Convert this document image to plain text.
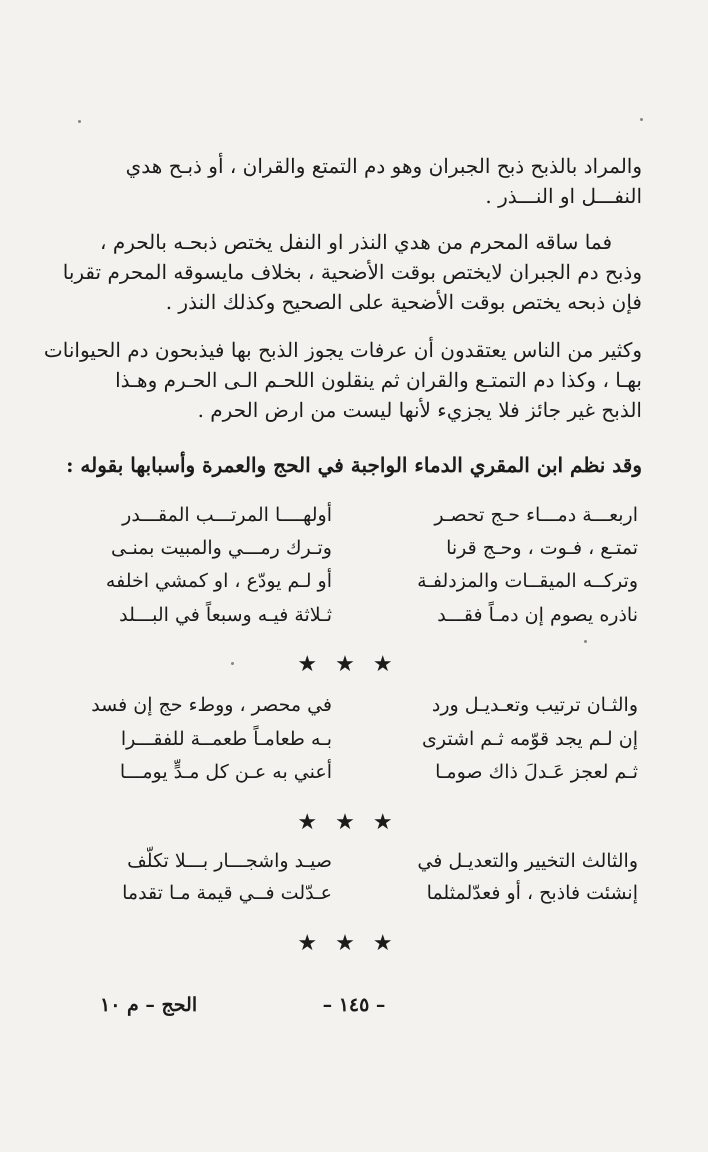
والمراد بالذبح ذبح الجبران وهو دم التمتع والقران ، أو ذبـح هدي
النفـــل او النـــذر .
فما ساقه المحرم من هدي النذر او النفل يختص ذبحـه بالحرم ،
وذبح دم الجبران لايختص بوقت الأضحية ، بخلاف مايسوقه المحرم تقربا
فإن ذبحه يختص بوقت الأضحية على الصحيح وكذلك النذر .
وكثير من الناس يعتقدون أن عرفات يجوز الذبح بها فيذبحون دم الحيوانات
بهـا ، وكذا دم التمتـع والقران ثم ينقلون اللحـم الـى الحـرم وهـذا
الذبح غير جائز فلا يجزيء لأنها ليست من ارض الحرم .
وقد نظم ابن المقري الدماء الواجبة في الحج والعمرة وأسبابها بقوله :
اربعـــة دمـــاء حـج تحصـر
أولهــــا المرتـــب المقـــدر
تمتـع ، فـوت ، وحـج قرنا
وتـرك رمـــي والمبيت بمنـى
وتركــه الميقــات والمزدلفـة
أو لـم يودّع ، او كمشي اخلفه
ناذره يصوم إن دمـاً فقـــد
ثـلاثة فيـه وسبعاً في البـــلد
★★★
والثـان ترتيب وتعـديـل ورد
في محصر ، ووطء حج إن فسد
إن لـم يجد قوّمه ثـم اشترى
بـه طعامـاً طعمــة للفقـــرا
ثـم لعجز عَـدلَ ذاك صومـا
أعني به عـن كل مـدٍّ يومـــا
★★★
والثالث التخيير والتعديـل في
صيـد واشجـــار بـــلا تكلّف
إنشئت فاذبح ، أو فعدّلمثلما
عـدّلت فــي قيمة مـا تقدما
★★★
– ١٤٥ –
الحج – م ١٠
